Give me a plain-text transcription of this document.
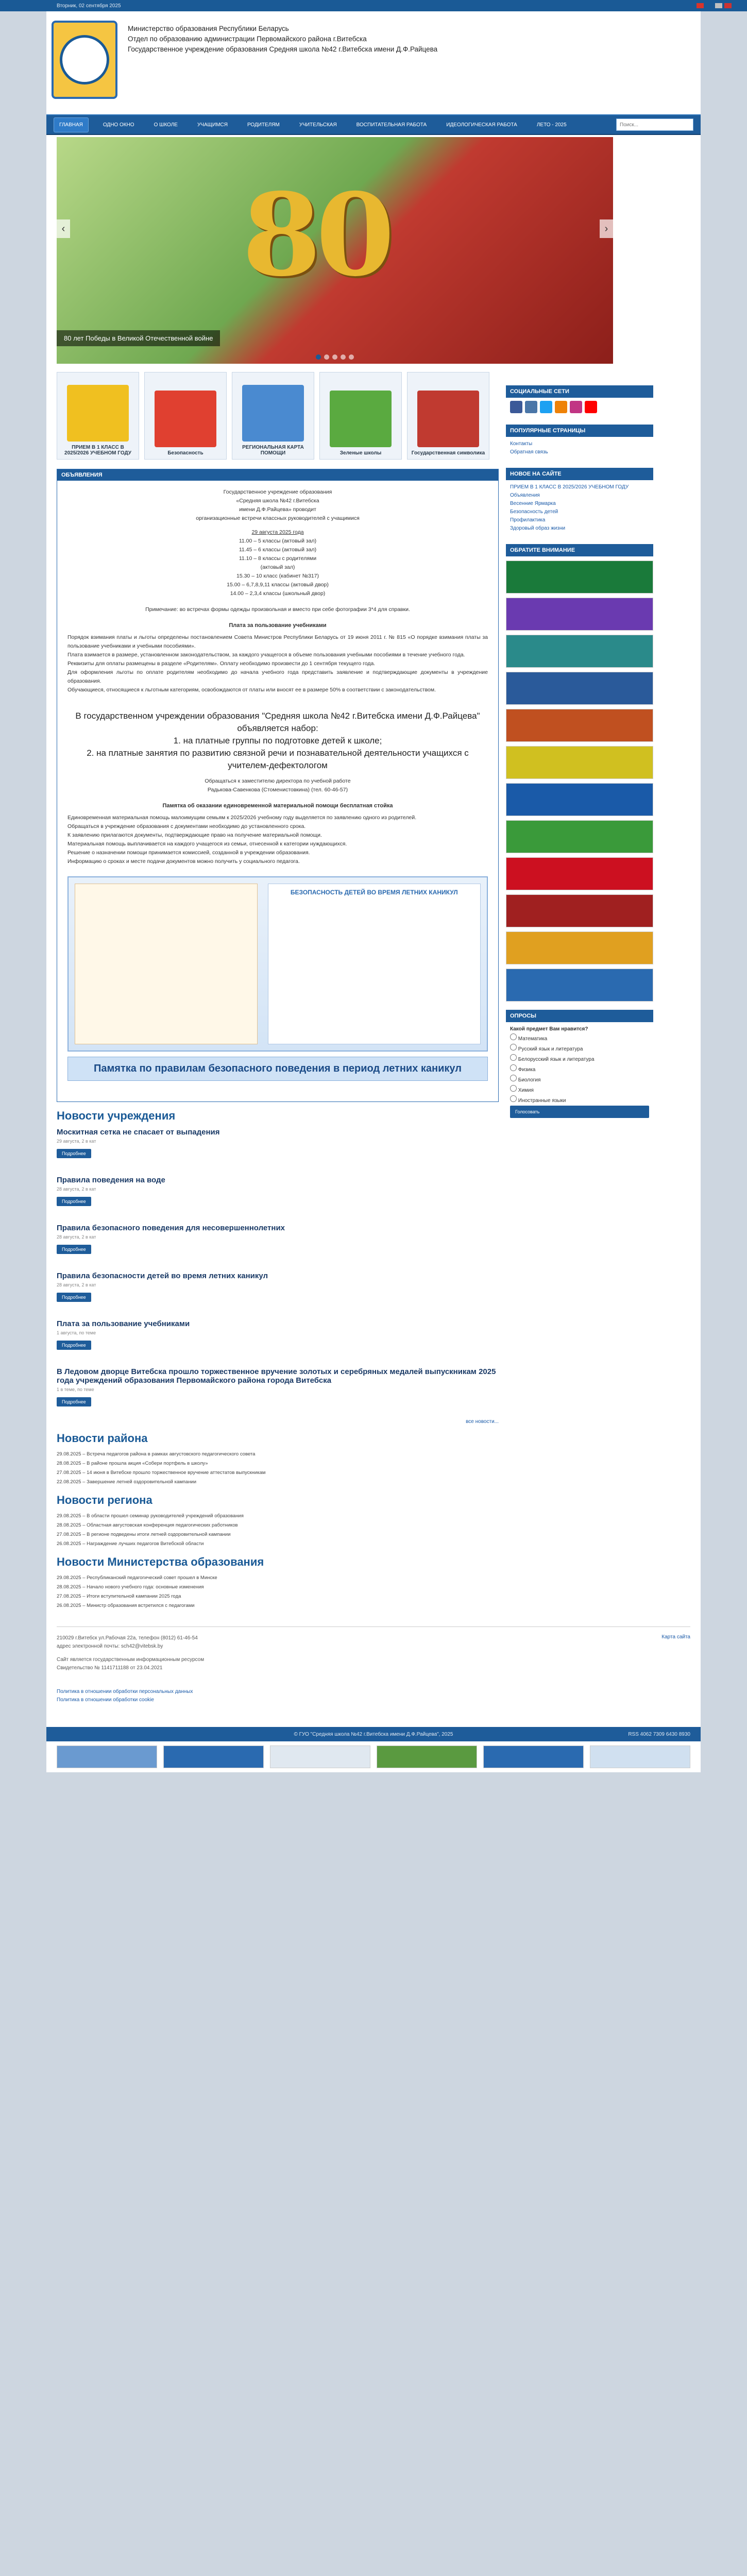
Вторник, 02 сентября 2025
Министерство образования Республики Беларусь
Отдел по образованию администрации Первомайского района г.Витебска
Государственное учреждение образования Средняя школа №42 г.Витебска имени Д.Ф.Райцева
ГЛАВНАЯ	ОДНО ОКНО	О ШКОЛЕ	УЧАЩИМСЯ	РОДИТЕЛЯМ	УЧИТЕЛЬСКАЯ	ВОСПИТАТЕЛЬНАЯ РАБОТА	ИДЕОЛОГИЧЕСКАЯ РАБОТА	ЛЕТО - 2025
Поиск...
80
‹	›
80 лет Победы в Великой Отечественной войне
ПРИЕМ В 1 КЛАСС В 2025/2026 УЧЕБНОМ ГОДУ	Безопасность
РЕГИОНАЛЬНАЯ КАРТА ПОМОЩИ	Зеленые школы	Государственная символика
ОБЪЯВЛЕНИЯ

Государственное учреждение образования

«Средняя школа №42 г.Витебска

имени Д.Ф.Райцева» проводит

организационные встречи классных руководителей с учащимися

29 августа 2025 года

11.00 – 5 классы (актовый зал)

11.45 – 6 классы (актовый зал)

11.10 – 8 классы с родителями

(актовый зал)

15.30 – 10 класс (кабинет №317)

15.00 – 6,7,8,9,11 классы (актовый двор)

14.00 – 2,3,4 классы (школьный двор)

Примечание: во встречах формы одежды произвольная и вместо при себе фотографии 3*4 для справки.

Плата за пользование учебниками

Порядок взимания платы и льготы определены постановлением Совета Министров Республики Беларусь от 19 июня 2011 г. № 815 «О порядке взимания платы за пользование учебниками и учебными пособиями».

Плата взимается в размере, установленном законодательством, за каждого учащегося в объеме пользования учебными пособиями в течение учебного года.

Реквизиты для оплаты размещены в разделе «Родителям». Оплату необходимо произвести до 1 сентября текущего года.

Для оформления льготы по оплате родителям необходимо до начала учебного года представить заявление и подтверждающие документы в учреждение образования.

Обучающиеся, относящиеся к льготным категориям, освобождаются от платы или вносят ее в размере 50% в соответствии с законодательством.

В государственном учреждении образования "Средняя школа №42 г.Витебска имени Д.Ф.Райцева" объявляется набор:

1. на платные группы по подготовке детей к школе;

2. на платные занятия по развитию связной речи и познавательной деятельности учащихся с учителем-дефектологом

Обращаться к заместителю директора по учебной работе

Радькова-Савенкова (Стоменистовкина) (тел. 60-46-57)

Памятка об оказании единовременной материальной помощи бесплатная стойка

Единовременная материальная помощь малоимущим семьям к 2025/2026 учебному году выделяется по заявлению одного из родителей.

Обращаться в учреждение образования с документами необходимо до установленного срока.

К заявлению прилагаются документы, подтверждающие право на получение материальной помощи.

Материальная помощь выплачивается на каждого учащегося из семьи, отнесенной к категории нуждающихся.

Решение о назначении помощи принимается комиссией, созданной в учреждении образования.

Информацию о сроках и месте подачи документов можно получить у социального педагога.

БЕЗОПАСНОСТЬ ДЕТЕЙ ВО ВРЕМЯ ЛЕТНИХ КАНИКУЛ
Памятка по правилам безопасного поведения в период летних каникул
Новости учреждения
Москитная сетка не спасает от выпадения
29 августа, 2 в кат
Подробнее
Правила поведения на воде
28 августа, 2 в кат
Подробнее
Правила безопасного поведения для несовершеннолетних
28 августа, 2 в кат
Подробнее
Правила безопасности детей во время летних каникул
28 августа, 2 в кат
Подробнее
Плата за пользование учебниками
1 августа, по теме
Подробнее
В Ледовом дворце Витебска прошло торжественное вручение золотых и серебряных медалей выпускникам 2025 года учреждений образования Первомайского района города Витебска
1 в теме, по теме
Подробнее
все новости...
Новости района
29.08.2025 – Встреча педагогов района в рамках августовского педагогического совета
28.08.2025 – В районе прошла акция «Собери портфель в школу»
27.08.2025 – 14 июня в Витебске прошло торжественное вручение аттестатов выпускникам
22.08.2025 – Завершение летней оздоровительной кампании
Новости региона
29.08.2025 – В области прошел семинар руководителей учреждений образования
28.08.2025 – Областная августовская конференция педагогических работников
27.08.2025 – В регионе подведены итоги летней оздоровительной кампании
26.08.2025 – Награждение лучших педагогов Витебской области
Новости Министерства образования
29.08.2025 – Республиканский педагогический совет прошел в Минске
28.08.2025 – Начало нового учебного года: основные изменения
27.08.2025 – Итоги вступительной кампании 2025 года
26.08.2025 – Министр образования встретился с педагогами
СОЦИАЛЬНЫЕ СЕТИ
ПОПУЛЯРНЫЕ СТРАНИЦЫ
Контакты
Обратная связь
НОВОЕ НА САЙТЕ
ПРИЕМ В 1 КЛАСС В 2025/2026 УЧЕБНОМ ГОДУ
Объявления
Весенние Ярмарка
Безопасность детей
Профилактика
Здоровый образ жизни
ОБРАТИТЕ ВНИМАНИЕ
ОПРОСЫ
Какой предмет Вам нравится?
Математика
Русский язык и литература
Белорусский язык и литература
Физика
Биология
Химия
Иностранные языки
Голосовать
210029 г.Витебск ул.Рабочая 22а, телефон (8012) 61-46-54
адрес электронной почты: sch42@vitebsk.by
Сайт является государственным информационным ресурсом
Свидетельство № 1141711188 от 23.04.2021
Политика в отношении обработки персональных данных
Политика в отношении обработки cookie
Карта сайта
© ГУО "Средняя школа №42 г.Витебска имени Д.Ф.Райцева", 2025	RSS 4062 7309 6430 8930
